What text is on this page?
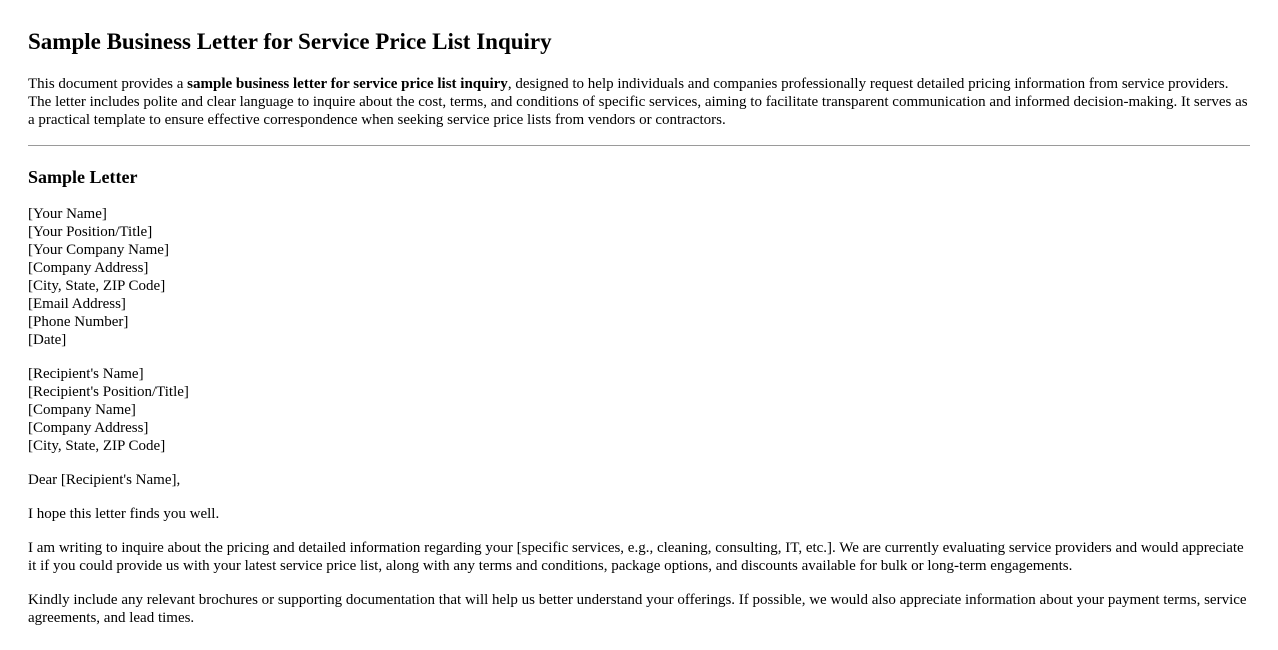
Sample Business Letter for Service Price List Inquiry

This document provides a sample business letter for service price list inquiry, designed to help individuals and companies professionally request detailed pricing information from service providers. The letter includes polite and clear language to inquire about the cost, terms, and conditions of specific services, aiming to facilitate transparent communication and informed decision-making. It serves as a practical template to ensure effective correspondence when seeking service price lists from vendors or contractors.

Sample Letter
[Your Name]
[Your Position/Title]
[Your Company Name]
[Company Address]
[City, State, ZIP Code]
[Email Address]
[Phone Number]
[Date]
[Recipient's Name]
[Recipient's Position/Title]
[Company Name]
[Company Address]
[City, State, ZIP Code]

Dear [Recipient's Name],

I hope this letter finds you well.

I am writing to inquire about the pricing and detailed information regarding your [specific services, e.g., cleaning, consulting, IT, etc.]. We are currently evaluating service providers and would appreciate it if you could provide us with your latest service price list, along with any terms and conditions, package options, and discounts available for bulk or long-term engagements.

Kindly include any relevant brochures or supporting documentation that will help us better understand your offerings. If possible, we would also appreciate information about your payment terms, service agreements, and lead times.
